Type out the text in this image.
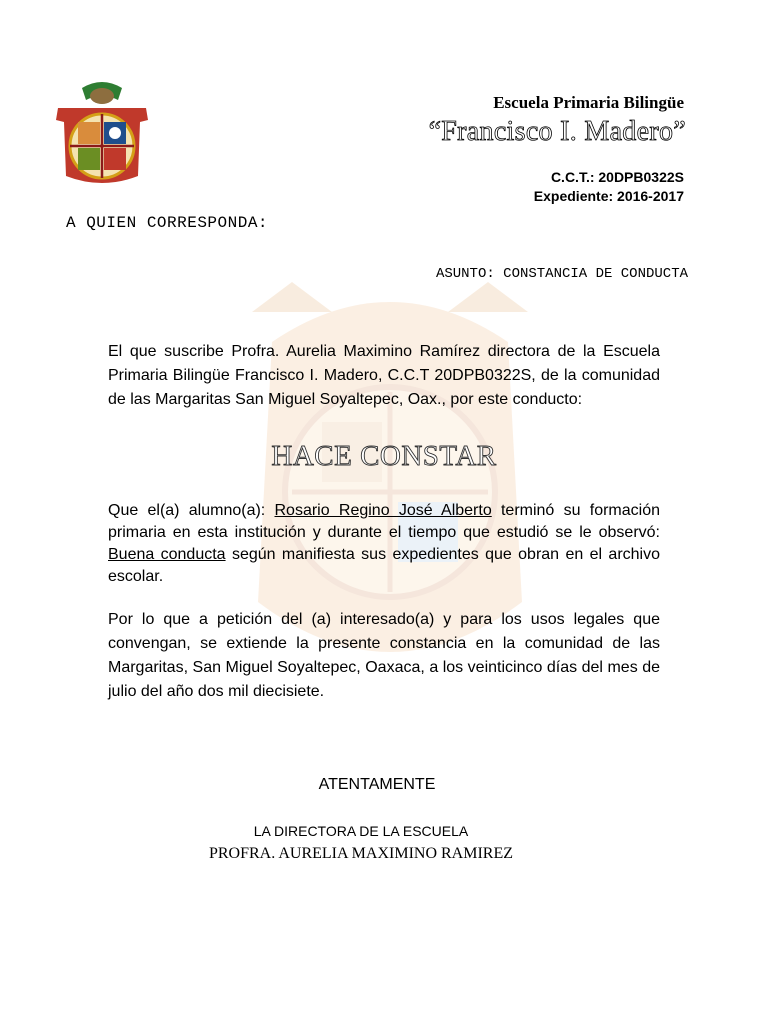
Escuela Primaria Bilingüe
“Francisco I. Madero”
C.C.T.: 20DPB0322S
Expediente: 2016-2017
A QUIEN CORRESPONDA:
ASUNTO: CONSTANCIA DE CONDUCTA
El que suscribe Profra. Aurelia Maximino Ramírez directora de la Escuela Primaria Bilingüe Francisco I. Madero, C.C.T 20DPB0322S, de la comunidad de las Margaritas San Miguel Soyaltepec, Oax., por este conducto:
HACE CONSTAR
Que el(a) alumno(a): Rosario Regino José Alberto terminó su formación primaria en esta institución y durante el tiempo que estudió se le observó: Buena conducta según manifiesta sus expedientes que obran en el archivo escolar.
Por lo que a petición del (a) interesado(a) y para los usos legales que convengan, se extiende la presente constancia en la comunidad de las Margaritas, San Miguel Soyaltepec, Oaxaca, a los veinticinco días del mes de julio del año dos mil diecisiete.
ATENTAMENTE
LA DIRECTORA DE LA ESCUELA
PROFRA. AURELIA MAXIMINO RAMIREZ
